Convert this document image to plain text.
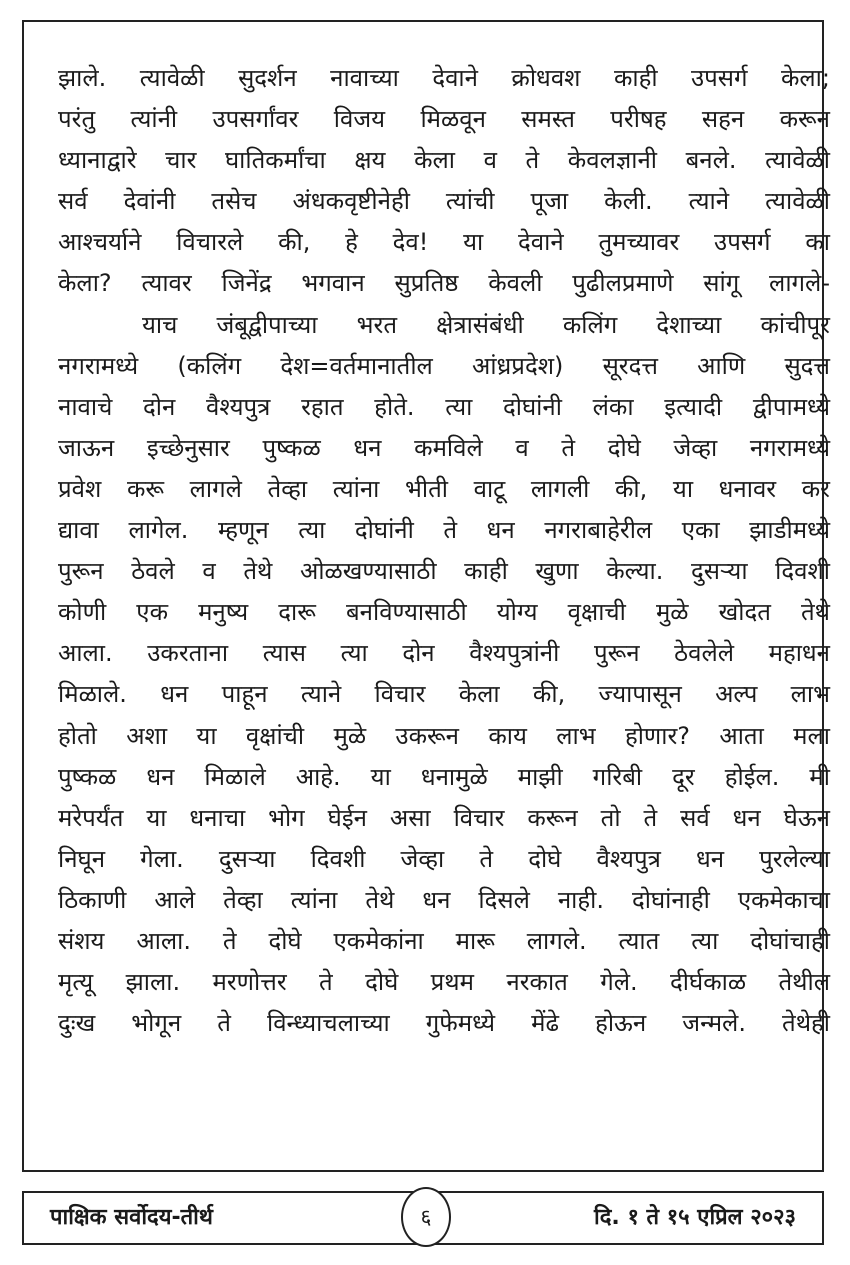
झाले. त्यावेळी सुदर्शन नावाच्या देवाने क्रोधवश काही उपसर्ग केला;
परंतु त्यांनी उपसर्गांवर विजय मिळवून समस्त परीषह सहन करून
ध्यानाद्वारे चार घातिकर्मांचा क्षय केला व ते केवलज्ञानी बनले. त्यावेळी
सर्व देवांनी तसेच अंधकवृष्टीनेही त्यांची पूजा केली. त्याने त्यावेळी
आश्चर्याने विचारले की, हे देव! या देवाने तुमच्यावर उपसर्ग का
केला? त्यावर जिनेंद्र भगवान सुप्रतिष्ठ केवली पुढीलप्रमाणे सांगू लागले-
याच जंबूद्वीपाच्या भरत क्षेत्रासंबंधी कलिंग देशाच्या कांचीपूर
नगरामध्ये (कलिंग देश=वर्तमानातील आंध्रप्रदेश) सूरदत्त आणि सुदत्त
नावाचे दोन वैश्यपुत्र रहात होते. त्या दोघांनी लंका इत्यादी द्वीपामध्ये
जाऊन इच्छेनुसार पुष्कळ धन कमविले व ते दोघे जेव्हा नगरामध्ये
प्रवेश करू लागले तेव्हा त्यांना भीती वाटू लागली की, या धनावर कर
द्यावा लागेल. म्हणून त्या दोघांनी ते धन नगराबाहेरील एका झाडीमध्ये
पुरून ठेवले व तेथे ओळखण्यासाठी काही खुणा केल्या. दुसऱ्या दिवशी
कोणी एक मनुष्य दारू बनविण्यासाठी योग्य वृक्षाची मुळे खोदत तेथे
आला. उकरताना त्यास त्या दोन वैश्यपुत्रांनी पुरून ठेवलेले महाधन
मिळाले. धन पाहून त्याने विचार केला की, ज्यापासून अल्प लाभ
होतो अशा या वृक्षांची मुळे उकरून काय लाभ होणार? आता मला
पुष्कळ धन मिळाले आहे. या धनामुळे माझी गरिबी दूर होईल. मी
मरेपर्यंत या धनाचा भोग घेईन असा विचार करून तो ते सर्व धन घेऊन
निघून गेला. दुसऱ्या दिवशी जेव्हा ते दोघे वैश्यपुत्र धन पुरलेल्या
ठिकाणी आले तेव्हा त्यांना तेथे धन दिसले नाही. दोघांनाही एकमेकाचा
संशय आला. ते दोघे एकमेकांना मारू लागले. त्यात त्या दोघांचाही
मृत्यू झाला. मरणोत्तर ते दोघे प्रथम नरकात गेले. दीर्घकाळ तेथील
दुःख भोगून ते विन्ध्याचलाच्या गुफेमध्ये मेंढे होऊन जन्मले. तेथेही
पाक्षिक सर्वोदय-तीर्थ	६	दि. १ ते १५ एप्रिल २०२३
